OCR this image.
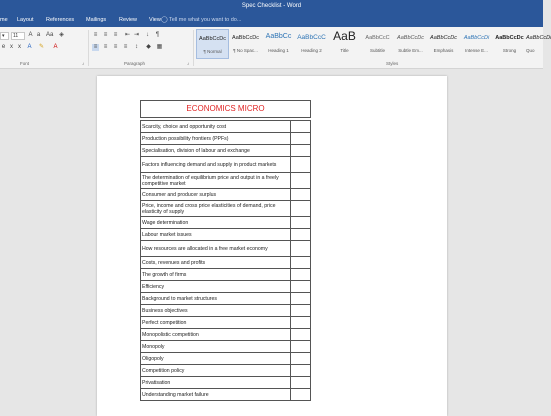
Spec Checklist - Word
me Layout References Mailings Review View ◯ Tell me what you want to do...
▾	11	A a Aa ◈
e x x	A ✎ A
Font	⌟
≡ ≡ ≡ ⇤ ⇥	↓	¶
≡ ≡ ≡ ≡	↕	◆ ▦
Paragraph	⌟
AaBbCcDc
¶ Normal
AaBbCcDc
¶ No Spac...
AaBbCc
Heading 1
AaBbCcC
Heading 2
AaB
Title
AaBbCcC
Subtitle
AaBbCcDc
Subtle Em...
AaBbCcDc
Emphasis
AaBbCcDi
Intense E...
AaBbCcDc
Strong
AaBbCcDi
Quo
Styles
ECONOMICS MICRO
Scarcity, choice and opportunity cost	
Production possibility frontiers (PPFs)	
Specialisation, division of labour and exchange	
Factors influencing demand and supply in product markets	
The determination of equilibrium price and output in a freely competitive market	
Consumer and producer surplus	
Price, income and cross price elasticities of demand, price elasticity of supply	
Wage determination	
Labour market issues	
How resources are allocated in a free market economy	
Costs, revenues and profits	
The growth of firms	
Efficiency	
Background to market structures	
Business objectives	
Perfect competition	
Monopolistic competition	
Monopoly	
Oligopoly	
Competition policy	
Privatisation	
Understanding market failure	
